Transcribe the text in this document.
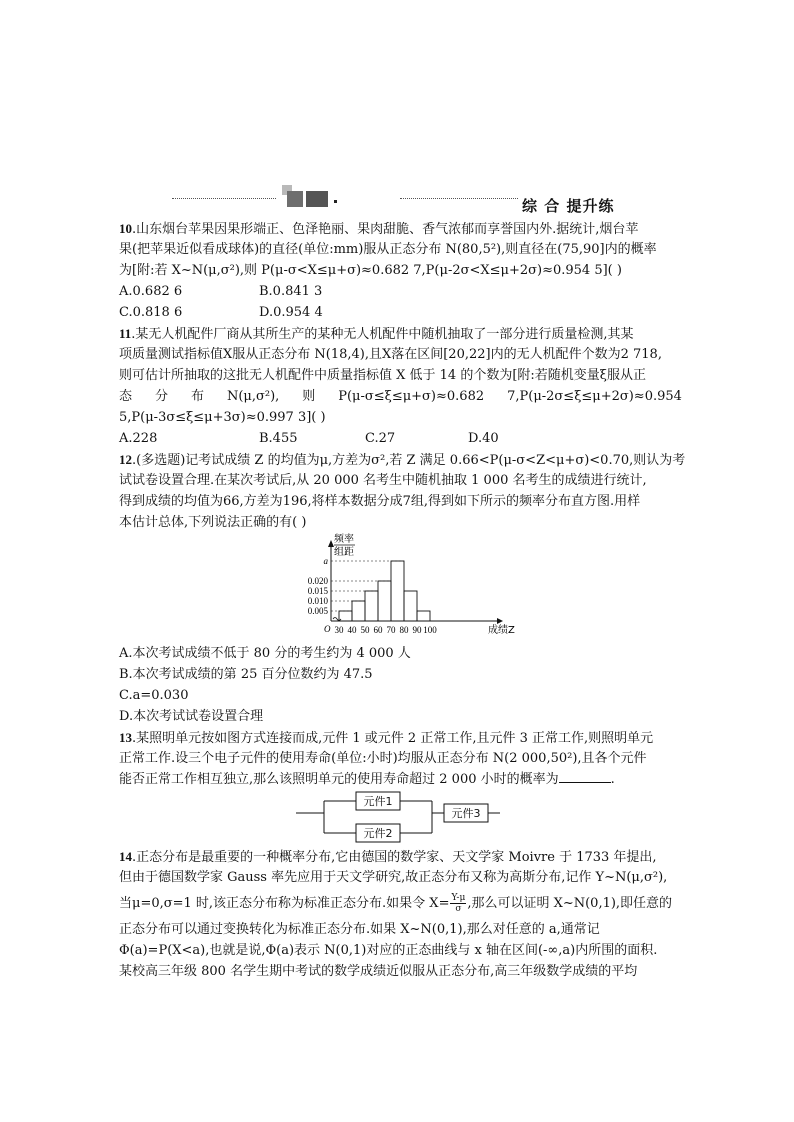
综 合 提升练
10.山东烟台苹果因果形端正、色泽艳丽、果肉甜脆、香气浓郁而享誉国内外.据统计,烟台苹
果(把苹果近似看成球体)的直径(单位:mm)服从正态分布 N(80,5²),则直径在(75,90]内的概率
为[附:若 X~N(μ,σ²),则 P(μ-σ<X≤μ+σ)≈0.682 7,P(μ-2σ<X≤μ+2σ)≈0.954 5]( )
A.0.682 6	B.0.841 3
C.0.818 6	D.0.954 4
11.某无人机配件厂商从其所生产的某种无人机配件中随机抽取了一部分进行质量检测,其某
项质量测试指标值X服从正态分布 N(18,4),且X落在区间[20,22]内的无人机配件个数为2 718,
则可估计所抽取的这批无人机配件中质量指标值 X 低于 14 的个数为[附:若随机变量ξ服从正
态 分 布 N(μ,σ²), 则 P(μ-σ≤ξ≤μ+σ)≈0.682 7,P(μ-2σ≤ξ≤μ+2σ)≈0.954
5,P(μ-3σ≤ξ≤μ+3σ)≈0.997 3]( )
A.228	B.455	C.27	D.40
12.(多选题)记考试成绩 Z 的均值为μ,方差为σ²,若 Z 满足 0.66<P(μ-σ<Z<μ+σ)<0.70,则认为考
试试卷设置合理.在某次考试后,从 20 000 名考生中随机抽取 1 000 名考生的成绩进行统计,
得到成绩的均值为66,方差为196,将样本数据分成7组,得到如下所示的频率分布直方图.用样
本估计总体,下列说法正确的有( )
0.005
0.010
0.015
0.020
a
30 40 50 60 70 80 90 100
O	成绩Z
频率
组距
A.本次考试成绩不低于 80 分的考生约为 4 000 人
B.本次考试成绩的第 25 百分位数约为 47.5
C.a=0.030
D.本次考试试卷设置合理
13.某照明单元按如图方式连接而成,元件 1 或元件 2 正常工作,且元件 3 正常工作,则照明单元
正常工作.设三个电子元件的使用寿命(单位:小时)均服从正态分布 N(2 000,50²),且各个元件
能否正常工作相互独立,那么该照明单元的使用寿命超过 2 000 小时的概率为	.
元件1
元件2
元件3
14.正态分布是最重要的一种概率分布,它由德国的数学家、天文学家 Moivre 于 1733 年提出,
但由于德国数学家 Gauss 率先应用于天文学研究,故正态分布又称为高斯分布,记作 Y~N(μ,σ²),
当μ=0,σ=1 时,该正态分布称为标准正态分布.如果令 $X= \frac{Y-\mu}{\sigma}$ ,那么可以证明 X~N(0,1),即任意的
正态分布可以通过变换转化为标准正态分布.如果 X~N(0,1),那么对任意的 a,通常记
Φ(a)=P(X<a),也就是说,Φ(a)表示 N(0,1)对应的正态曲线与 x 轴在区间(-∞,a)内所围的面积.
某校高三年级 800 名学生期中考试的数学成绩近似服从正态分布,高三年级数学成绩的平均
